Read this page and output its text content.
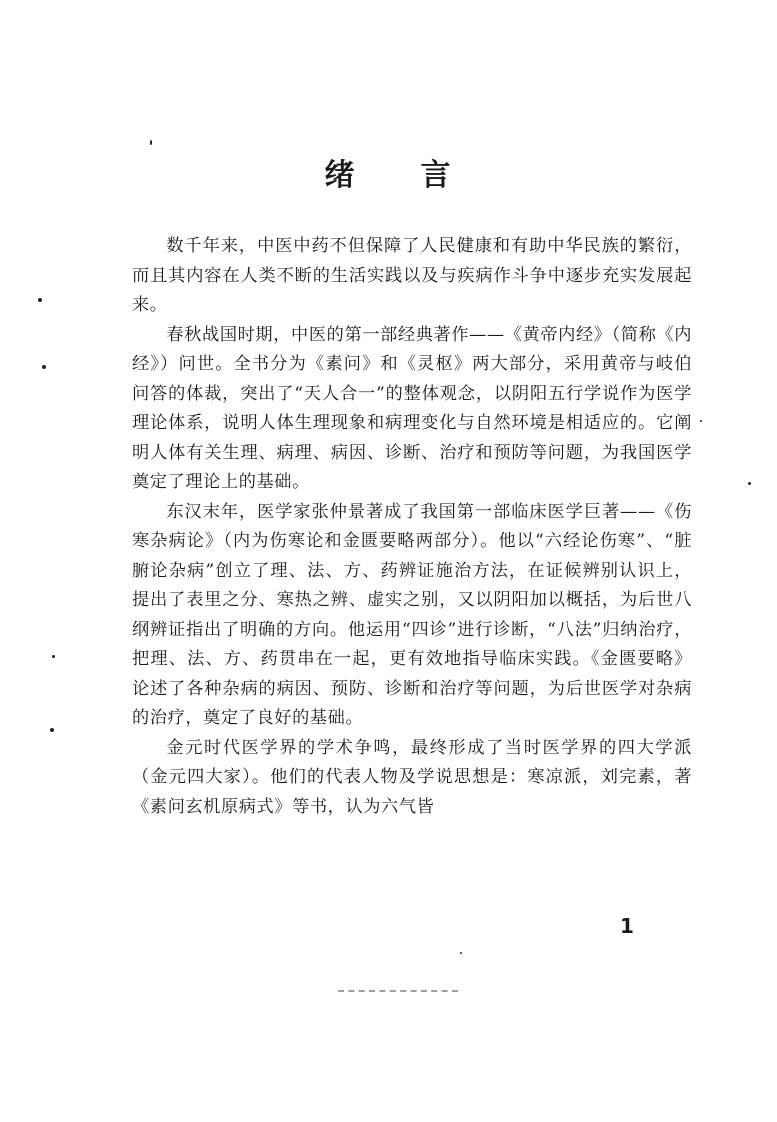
绪 言

数千年来，中医中药不但保障了人民健康和有助中华民族的繁衍，而且其内容在人类不断的生活实践以及与疾病作斗争中逐步充实发展起来。

春秋战国时期，中医的第一部经典著作——《黄帝内经》（简称《内经》）问世。全书分为《素问》和《灵枢》两大部分，采用黄帝与岐伯问答的体裁，突出了“天人合一”的整体观念，以阴阳五行学说作为医学理论体系，说明人体生理现象和病理变化与自然环境是相适应的。它阐明人体有关生理、病理、病因、诊断、治疗和预防等问题，为我国医学奠定了理论上的基础。

东汉末年，医学家张仲景著成了我国第一部临床医学巨著——《伤寒杂病论》（内为伤寒论和金匮要略两部分）。他以“六经论伤寒”、“脏腑论杂病”创立了理、法、方、药辨证施治方法，在证候辨别认识上，提出了表里之分、寒热之辨、虚实之别，又以阴阳加以概括，为后世八纲辨证指出了明确的方向。他运用“四诊”进行诊断，“八法”归纳治疗，把理、法、方、药贯串在一起，更有效地指导临床实践。《金匮要略》论述了各种杂病的病因、预防、诊断和治疗等问题，为后世医学对杂病的治疗，奠定了良好的基础。

金元时代医学界的学术争鸣，最终形成了当时医学界的四大学派（金元四大家）。他们的代表人物及学说思想是：寒凉派，刘完素，著《素问玄机原病式》等书，认为六气皆

1
